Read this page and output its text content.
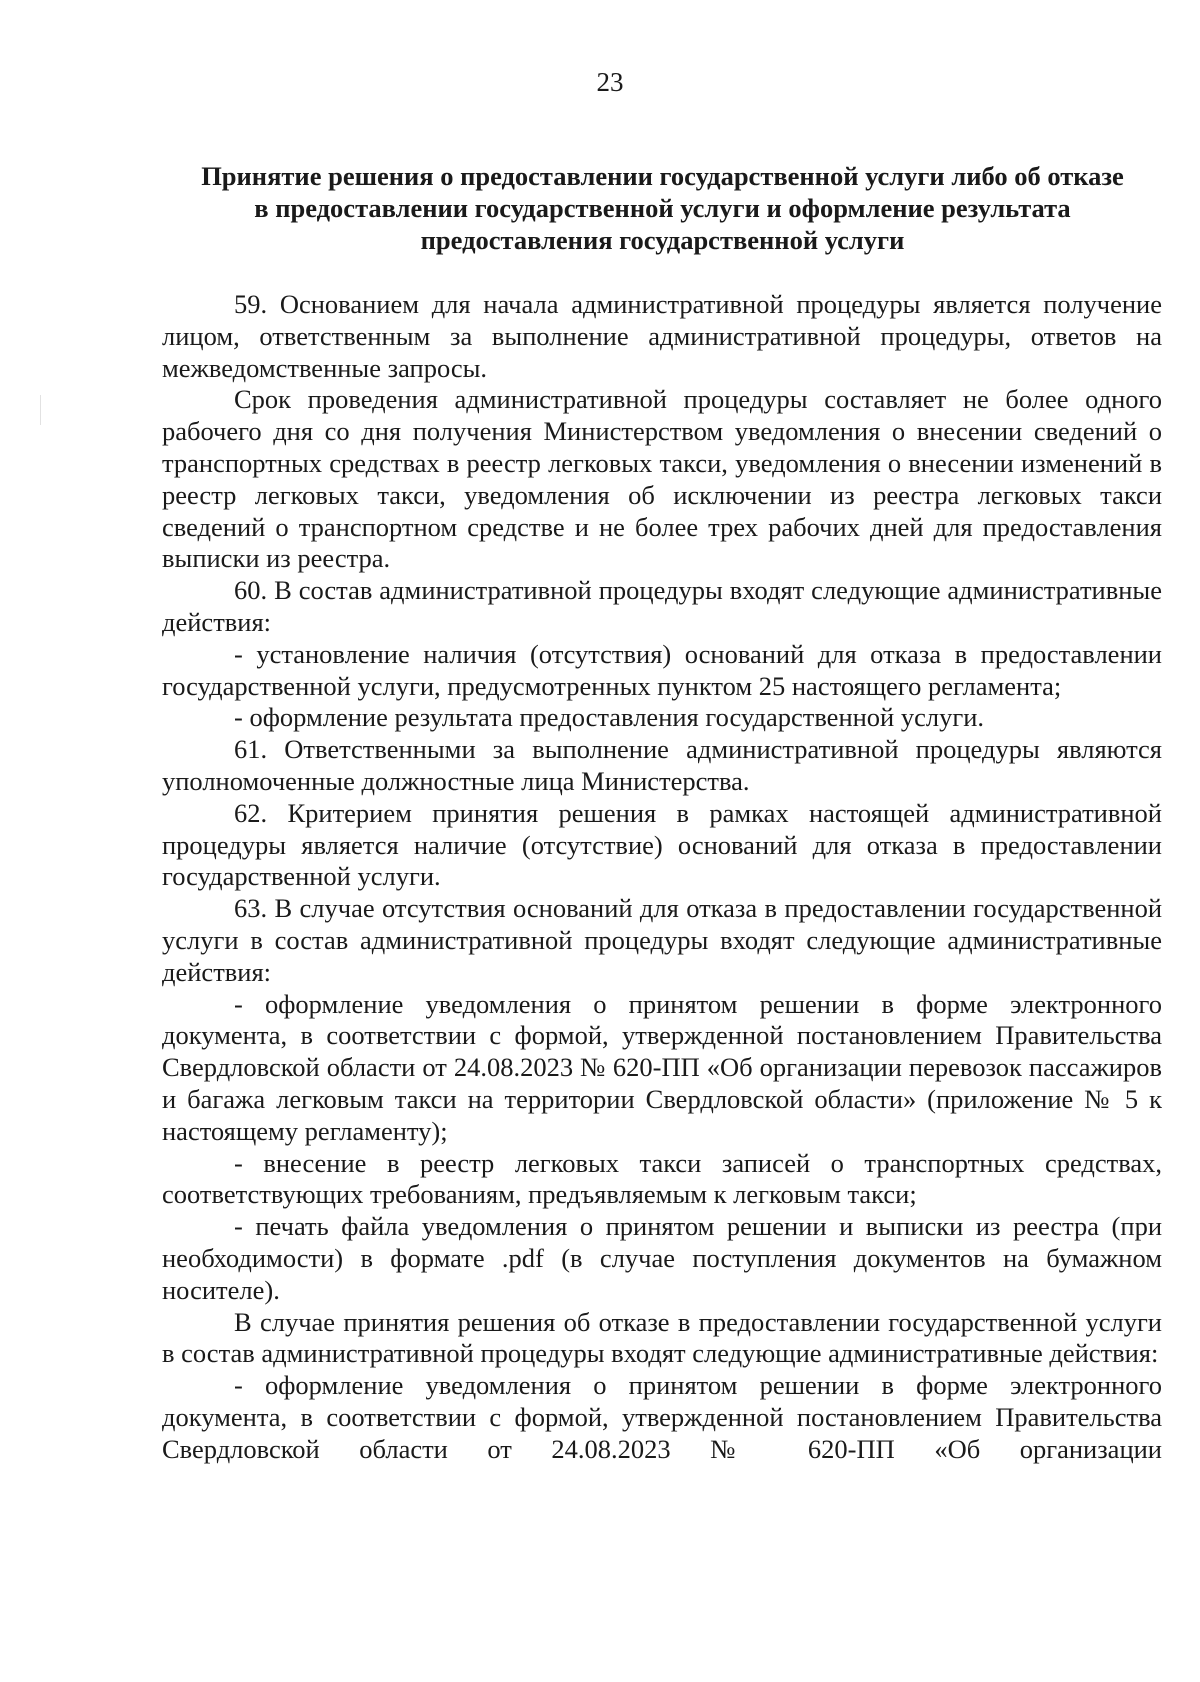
23
Принятие решения о предоставлении государственной услуги либо об отказе
в предоставлении государственной услуги и оформление результата
предоставления государственной услуги

59. Основанием для начала административной процедуры является получение лицом, ответственным за выполнение административной процедуры, ответов на межведомственные запросы.

Срок проведения административной процедуры составляет не более одного рабочего дня со дня получения Министерством уведомления о внесении сведений о транспортных средствах в реестр легковых такси, уведомления о внесении изменений в реестр легковых такси, уведомления об исключении из реестра легковых такси сведений о транспортном средстве и не более трех рабочих дней для предоставления выписки из реестра.

60. В состав административной процедуры входят следующие административные действия:

- установление наличия (отсутствия) оснований для отказа в предоставлении государственной услуги, предусмотренных пунктом 25 настоящего регламента;

- оформление результата предоставления государственной услуги.

61. Ответственными за выполнение административной процедуры являются уполномоченные должностные лица Министерства.

62. Критерием принятия решения в рамках настоящей административной процедуры является наличие (отсутствие) оснований для отказа в предоставлении государственной услуги.

63. В случае отсутствия оснований для отказа в предоставлении государственной услуги в состав административной процедуры входят следующие административные действия:

- оформление уведомления о принятом решении в форме электронного документа, в соответствии с формой, утвержденной постановлением Правительства Свердловской области от 24.08.2023 № 620-ПП «Об организации перевозок пассажиров и багажа легковым такси на территории Свердловской области» (приложение № 5 к настоящему регламенту);

- внесение в реестр легковых такси записей о транспортных средствах, соответствующих требованиям, предъявляемым к легковым такси;

- печать файла уведомления о принятом решении и выписки из реестра (при необходимости) в формате .pdf (в случае поступления документов на бумажном носителе).

В случае принятия решения об отказе в предоставлении государственной услуги в состав административной процедуры входят следующие административные действия:

- оформление уведомления о принятом решении в форме электронного документа, в соответствии с формой, утвержденной постановлением Правительства Свердловской области от 24.08.2023 № 620-ПП «Об организации
